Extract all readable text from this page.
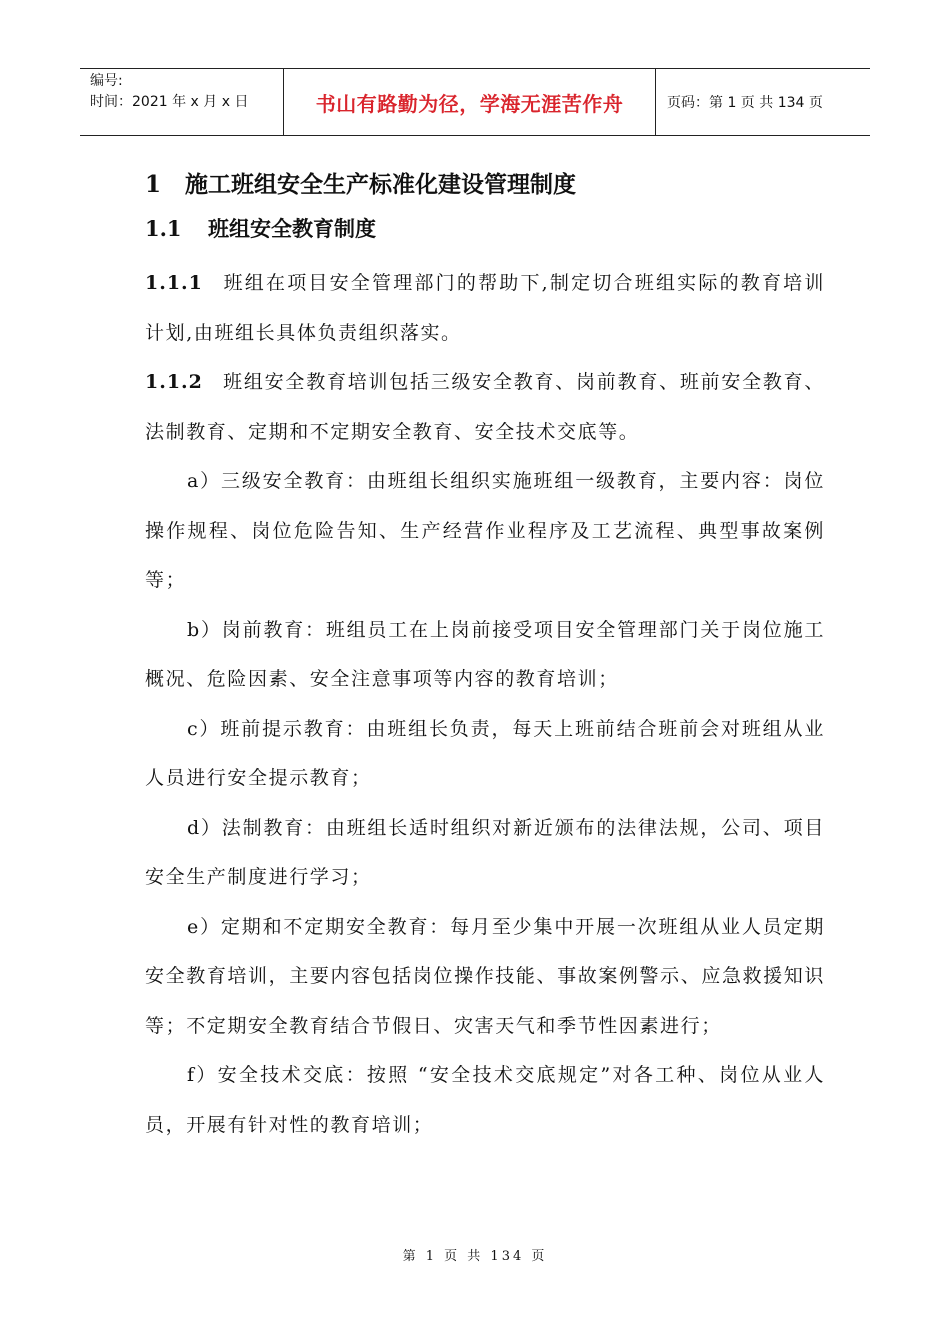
编号:
时间：2021 年 x 月 x 日	书山有路勤为径，学海无涯苦作舟	页码：第 1 页 共 134 页
1 施工班组安全生产标准化建设管理制度
1.1 班组安全教育制度

1.1.1 班组在项目安全管理部门的帮助下,制定切合班组实际的教育培训计划,由班组长具体负责组织落实。

1.1.2 班组安全教育培训包括三级安全教育、岗前教育、班前安全教育、法制教育、定期和不定期安全教育、安全技术交底等。

a）三级安全教育：由班组长组织实施班组一级教育，主要内容：岗位操作规程、岗位危险告知、生产经营作业程序及工艺流程、典型事故案例等；

b）岗前教育：班组员工在上岗前接受项目安全管理部门关于岗位施工概况、危险因素、安全注意事项等内容的教育培训；

c）班前提示教育：由班组长负责，每天上班前结合班前会对班组从业人员进行安全提示教育；

d）法制教育：由班组长适时组织对新近颁布的法律法规，公司、项目安全生产制度进行学习；

e）定期和不定期安全教育：每月至少集中开展一次班组从业人员定期安全教育培训，主要内容包括岗位操作技能、事故案例警示、应急救援知识等；不定期安全教育结合节假日、灾害天气和季节性因素进行；

f）安全技术交底：按照 “安全技术交底规定”对各工种、岗位从业人员，开展有针对性的教育培训；

第 1 页 共 134 页
